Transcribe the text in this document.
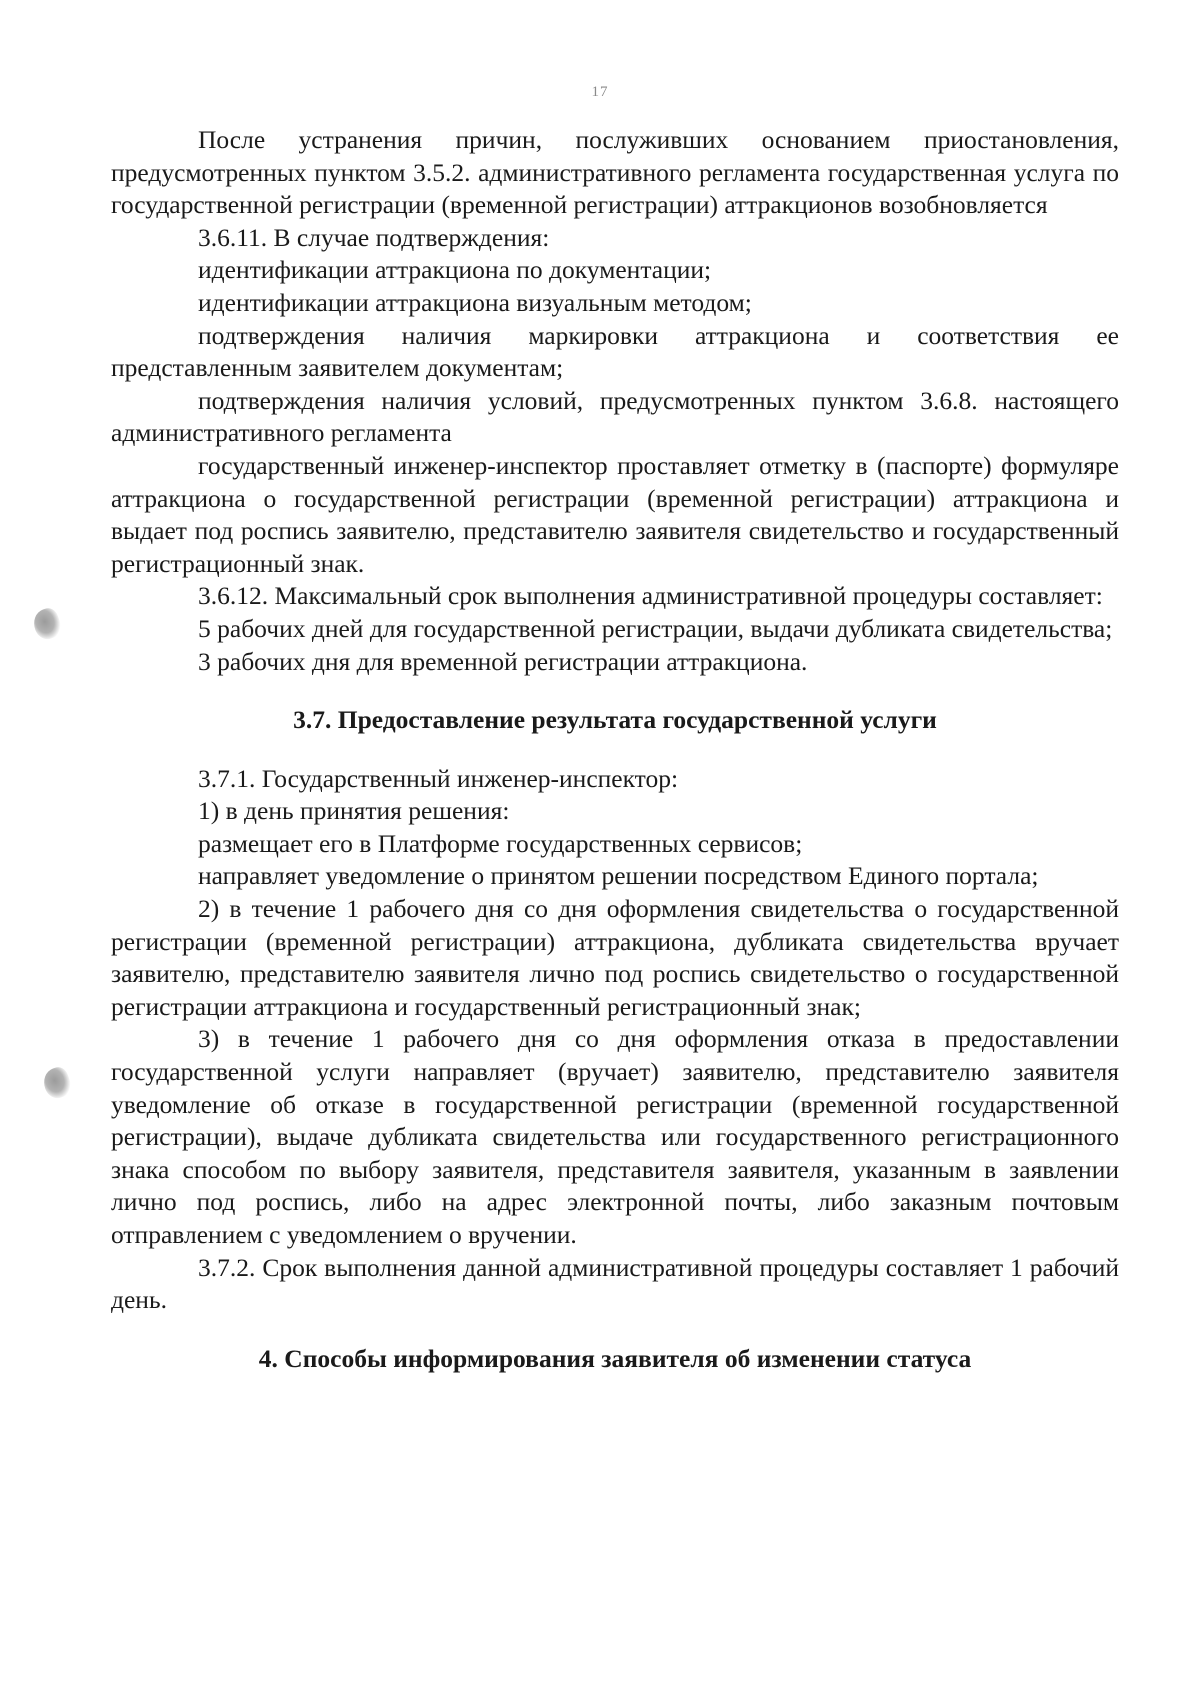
17

После устранения причин, послуживших основанием приостановления, предусмотренных пунктом 3.5.2. административного регламента государственная услуга по государственной регистрации (временной регистрации) аттракционов возобновляется

3.6.11. В случае подтверждения:

идентификации аттракциона по документации;

идентификации аттракциона визуальным методом;

подтверждения наличия маркировки аттракциона и соответствия ее представленным заявителем документам;

подтверждения наличия условий, предусмотренных пунктом 3.6.8. настоящего административного регламента

государственный инженер-инспектор проставляет отметку в (паспорте) формуляре аттракциона о государственной регистрации (временной регистрации) аттракциона и выдает под роспись заявителю, представителю заявителя свидетельство и государственный регистрационный знак.

3.6.12. Максимальный срок выполнения административной процедуры составляет:

5 рабочих дней для государственной регистрации, выдачи дубликата свидетельства;

3 рабочих дня для временной регистрации аттракциона.

3.7. Предоставление результата государственной услуги

3.7.1. Государственный инженер-инспектор:

1) в день принятия решения:

размещает его в Платформе государственных сервисов;

направляет уведомление о принятом решении посредством Единого портала;

2) в течение 1 рабочего дня со дня оформления свидетельства о государственной регистрации (временной регистрации) аттракциона, дубликата свидетельства вручает заявителю, представителю заявителя лично под роспись свидетельство о государственной регистрации аттракциона и государственный регистрационный знак;

3) в течение 1 рабочего дня со дня оформления отказа в предоставлении государственной услуги направляет (вручает) заявителю, представителю заявителя уведомление об отказе в государственной регистрации (временной государственной регистрации), выдаче дубликата свидетельства или государственного регистрационного знака способом по выбору заявителя, представителя заявителя, указанным в заявлении лично под роспись, либо на адрес электронной почты, либо заказным почтовым отправлением с уведомлением о вручении.

3.7.2. Срок выполнения данной административной процедуры составляет 1 рабочий день.

4. Способы информирования заявителя об изменении статуса
